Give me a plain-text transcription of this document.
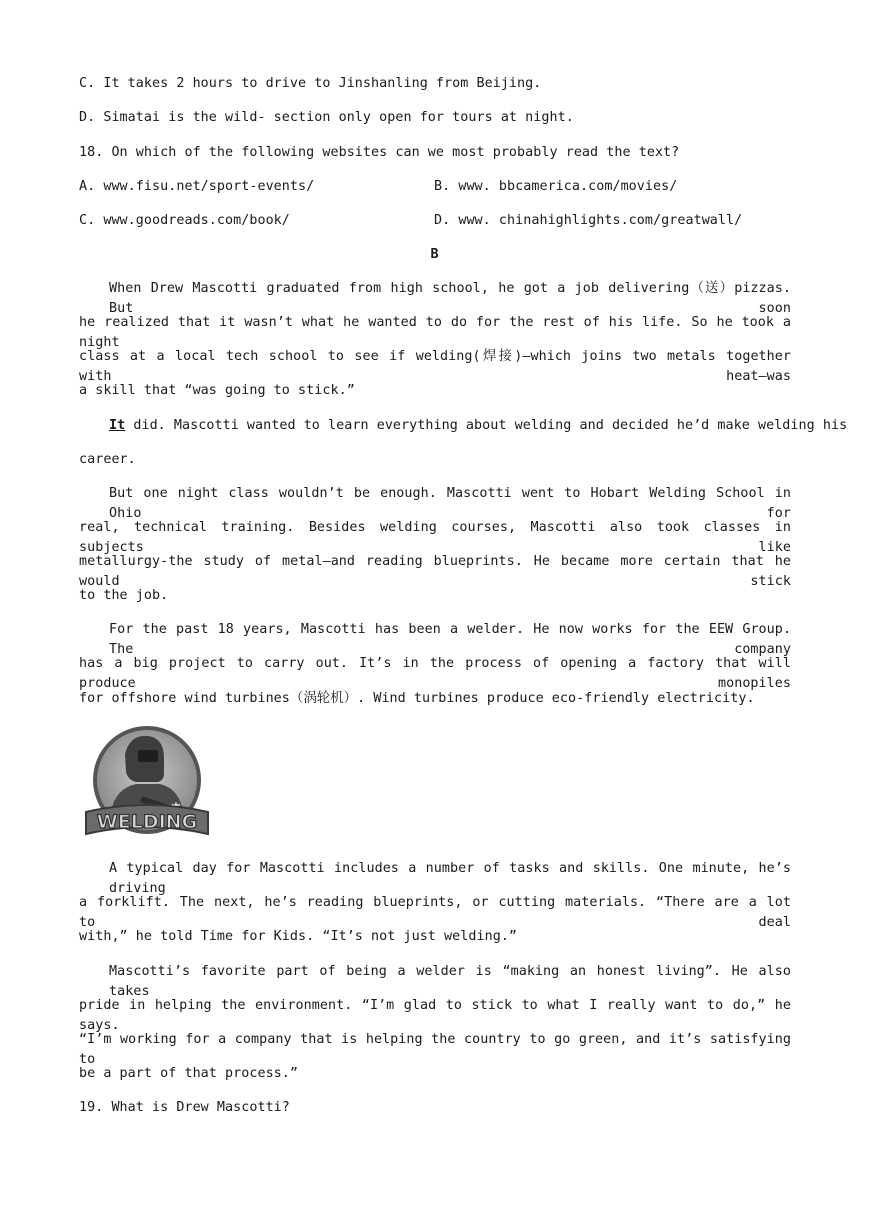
C. It takes 2 hours to drive to Jinshanling from Beijing.
D. Simatai is the wild- section only open for tours at night.
18. On which of the following websites can we most probably read the text?
A. www.fisu.net/sport-events/	B. www. bbcamerica.com/movies/
C. www.goodreads.com/book/	D. www. chinahighlights.com/greatwall/
B
When Drew Mascotti graduated from high school, he got a job delivering（送）pizzas. But soon
he realized that it wasn’t what he wanted to do for the rest of his life. So he took a night
class at a local tech school to see if welding(焊接)—which joins two metals together with heat—was
a skill that “was going to stick.”
It did. Mascotti wanted to learn everything about welding and decided he’d make welding his
career.
But one night class wouldn’t be enough. Mascotti went to Hobart Welding School in Ohio for
real, technical training. Besides welding courses, Mascotti also took classes in subjects like
metallurgy-the study of metal—and reading blueprints. He became more certain that he would stick
to the job.
For the past 18 years, Mascotti has been a welder. He now works for the EEW Group. The company
has a big project to carry out. It’s in the process of opening a factory that will produce monopiles
for offshore wind turbines（涡轮机）. Wind turbines produce eco-friendly electricity.
WELDING
A typical day for Mascotti includes a number of tasks and skills. One minute, he’s driving
a forklift. The next, he’s reading blueprints, or cutting materials. “There are a lot to deal
with,” he told Time for Kids. “It’s not just welding.”
Mascotti’s favorite part of being a welder is “making an honest living”. He also takes
pride in helping the environment. “I’m glad to stick to what I really want to do,” he says.
“I’m working for a company that is helping the country to go green, and it’s satisfying to
be a part of that process.”
19. What is Drew Mascotti?
